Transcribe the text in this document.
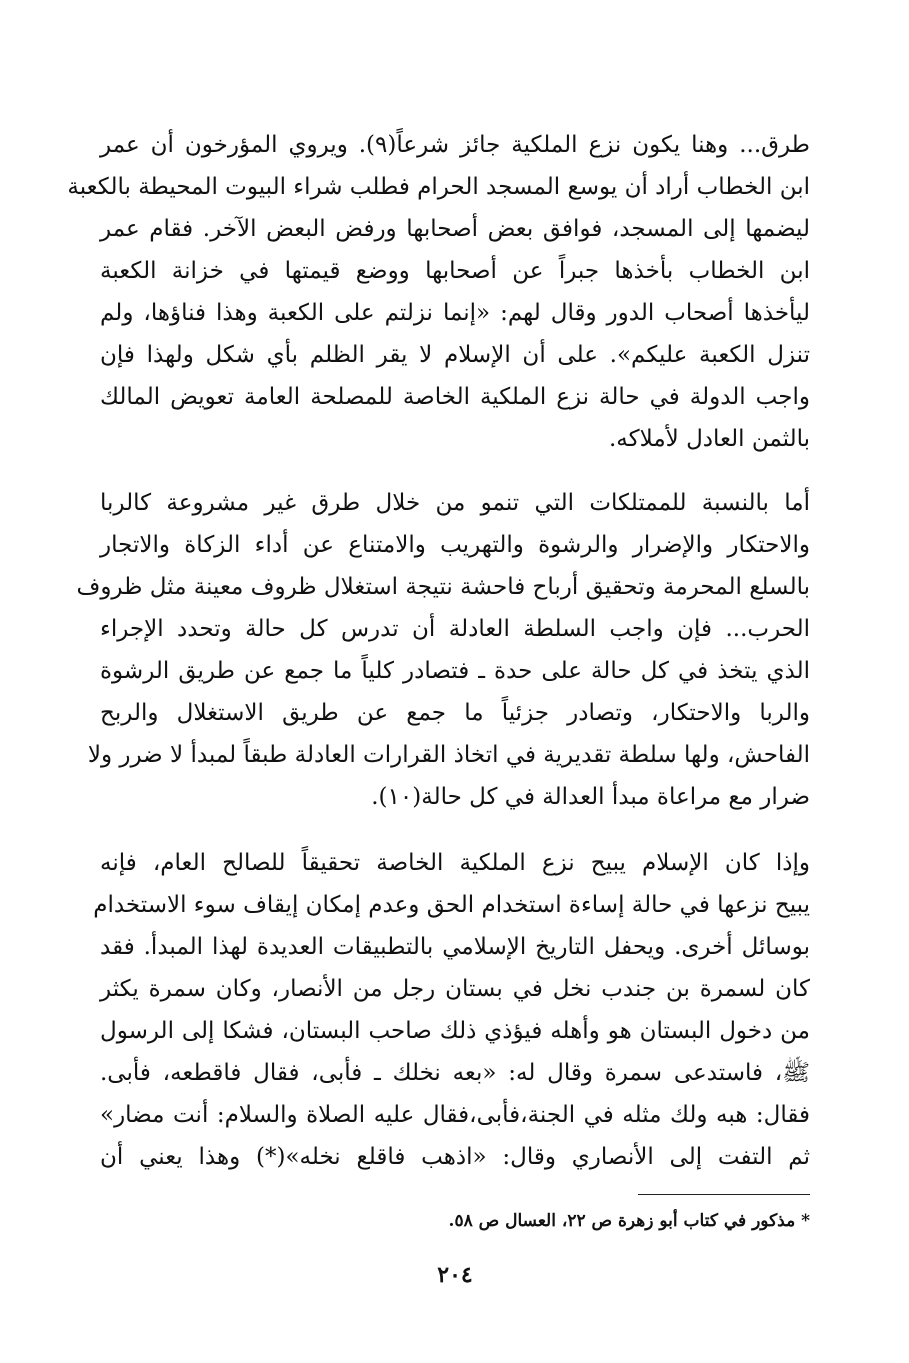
طرق... وهنا يكون نزع الملكية جائز شرعاً(٩). ويروي المؤرخون أن عمر
ابن الخطاب أراد أن يوسع المسجد الحرام فطلب شراء البيوت المحيطة بالكعبة
ليضمها إلى المسجد، فوافق بعض أصحابها ورفض البعض الآخر. فقام عمر
ابن الخطاب بأخذها جبراً عن أصحابها ووضع قيمتها في خزانة الكعبة
ليأخذها أصحاب الدور وقال لهم: «إنما نزلتم على الكعبة وهذا فناؤها، ولم
تنزل الكعبة عليكم». على أن الإسلام لا يقر الظلم بأي شكل ولهذا فإن
واجب الدولة في حالة نزع الملكية الخاصة للمصلحة العامة تعويض المالك
بالثمن العادل لأملاكه.
أما بالنسبة للممتلكات التي تنمو من خلال طرق غير مشروعة كالربا
والاحتكار والإضرار والرشوة والتهريب والامتناع عن أداء الزكاة والاتجار
بالسلع المحرمة وتحقيق أرباح فاحشة نتيجة استغلال ظروف معينة مثل ظروف
الحرب... فإن واجب السلطة العادلة أن تدرس كل حالة وتحدد الإجراء
الذي يتخذ في كل حالة على حدة ـ فتصادر كلياً ما جمع عن طريق الرشوة
والربا والاحتكار، وتصادر جزئياً ما جمع عن طريق الاستغلال والربح
الفاحش، ولها سلطة تقديرية في اتخاذ القرارات العادلة طبقاً لمبدأ لا ضرر ولا
ضرار مع مراعاة مبدأ العدالة في كل حالة(١٠).
وإذا كان الإسلام يبيح نزع الملكية الخاصة تحقيقاً للصالح العام، فإنه
يبيح نزعها في حالة إساءة استخدام الحق وعدم إمكان إيقاف سوء الاستخدام
بوسائل أخرى. ويحفل التاريخ الإسلامي بالتطبيقات العديدة لهذا المبدأ. فقد
كان لسمرة بن جندب نخل في بستان رجل من الأنصار، وكان سمرة يكثر
من دخول البستان هو وأهله فيؤذي ذلك صاحب البستان، فشكا إلى الرسول
ﷺ، فاستدعى سمرة وقال له: «بعه نخلك ـ فأبى، فقال فاقطعه، فأبى.
فقال: هبه ولك مثله في الجنة،فأبى،فقال عليه الصلاة والسلام: أنت مضار»
ثم التفت إلى الأنصاري وقال: «اذهب فاقلع نخله»(*) وهذا يعني أن
* مذكور في كتاب أبو زهرة ص ٢٢، العسال ص ٥٨.
٢٠٤
